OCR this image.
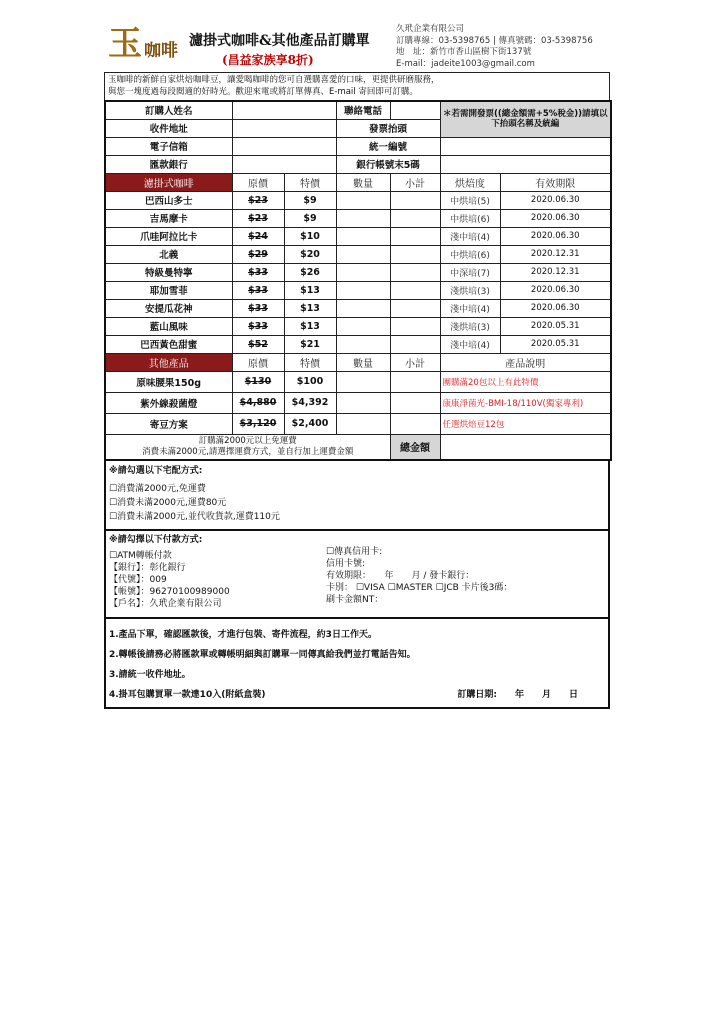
玉 咖啡 濾掛式咖啡&其他產品訂購單
(昌益家族享8折)
久玳企業有限公司
訂購專線：03-5398765 | 傳真號碼：03-5398756
地　址：新竹市香山區樹下街137號
E-mail：jadeite1003@gmail.com
玉咖啡的新鮮自家烘焙咖啡豆，讓愛喝咖啡的您可自選購喜愛的口味，更提供研磨服務，
與您一塊度過每段閱適的好時光。歡迎來電或將訂單傳真、E-mail 寄回即可訂購。
訂購人姓名			聯絡電話		＊若需開發票((總金額需+5%稅金))請填以下抬頭名稱及統編	
收件地址			發票抬頭			
電子信箱			統一編號			
匯款銀行			銀行帳號末5碼			
濾掛式咖啡	原價	特價	數量	小計	烘焙度	有效期限
巴西山多士	$23	$9			中烘培(5)	2020.06.30
吉馬摩卡	$23	$9			中烘培(6)	2020.06.30
爪哇阿拉比卡	$24	$10			淺中培(4)	2020.06.30
北義	$29	$20			中烘培(6)	2020.12.31
特級曼特寧	$33	$26			中深培(7)	2020.12.31
耶加雪菲	$33	$13			淺烘培(3)	2020.06.30
安提瓜花神	$33	$13			淺中培(4)	2020.06.30
藍山風味	$33	$13			淺烘培(3)	2020.05.31
巴西黃色甜蜜	$52	$21			淺中培(4)	2020.05.31
其他產品	原價	特價	數量	小計	產品說明	
原味腰果150g	$130	$100			團購滿20包以上有此特價	
紫外線殺菌燈	$4,880	$4,392			康康淨菌光-BMI-18/110V(獨家專利)	
寄豆方案	$3,120	$2,400			任選烘焙豆12包	

訂購滿2000元以上免運費
消費未滿2000元,請選擇運費方式，並自行加上運費金額				總金額		
※請勾選以下宅配方式:
☐消費滿2000元,免運費
☐消費未滿2000元,運費80元
☐消費未滿2000元,並代收貨款,運費110元
※請勾擇以下付款方式:
☐ATM轉帳付款
【銀行】：彰化銀行
【代號】：009
【帳號】：96270100989000
【戶名】：久玳企業有限公司
☐傳真信用卡:
信用卡號:
有效期限：　　年　　月 / 發卡銀行：
卡別： ☐VISA ☐MASTER ☐JCB 卡片後3碼：
刷卡金額NT：
1.產品下單，確認匯款後，才進行包裝、寄件流程，約3日工作天。
2.轉帳後請務必將匯款單或轉帳明細與訂購單一同傳真給我們並打電話告知。
3.請統一收件地址。
4.掛耳包購買單一款達10入(附紙盒裝)	訂購日期:　　年　　月　　日
